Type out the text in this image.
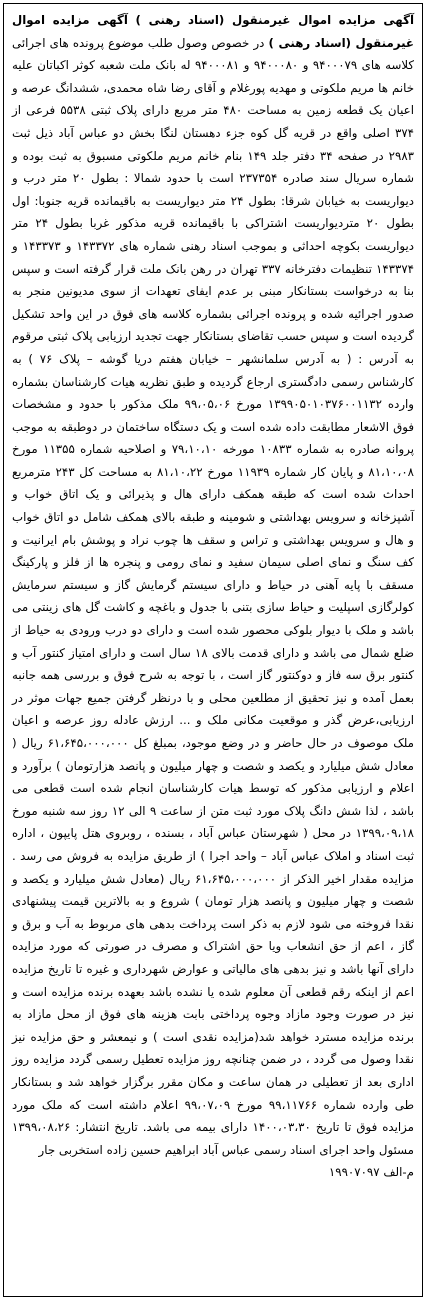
آگهی مزایده اموال غیرمنقول (اسناد رهنی ) آگهی مزایده اموال غیرمنقول (اسناد رهنی ) در خصوص وصول طلب موضوع پرونده های اجرائی کلاسه های ۹۴۰۰۰۷۹ و ۹۴۰۰۰۸۰ و ۹۴۰۰۰۸۱ له بانک ملت شعبه کوثر اکباتان علیه خانم ها مریم ملکوتی و مهدیه پورغلام و آقای رضا شاه محمدی، ششدانگ عرصه و اعیان یک قطعه زمین به مساحت ۴۸۰ متر مربع دارای پلاک ثبتی ۵۵۳۸ فرعی از ۳۷۴ اصلی واقع در قریه گل کوه جزء دهستان لنگا بخش دو عباس آباد ذیل ثبت ۲۹۸۳ در صفحه ۳۴ دفتر جلد ۱۴۹ بنام خانم مریم ملکوتی مسبوق به ثبت بوده و شماره سریال سند صادره ۲۳۷۳۵۴ است با حدود شمالا : بطول ۲۰ متر درب و دیواریست به خیابان شرقا: بطول ۲۴ متر دیواریست به باقیمانده قریه جنوبا: اول بطول ۲۰ متردیواریست اشتراکی با باقیمانده قریه مذکور غربا بطول ۲۴ متر دیواریست بکوچه احداثی و بموجب اسناد رهنی شماره های ۱۴۳۳۷۲ و ۱۴۳۳۷۳ و ۱۴۳۳۷۴ تنظیمات دفترخانه ۳۳۷ تهران در رهن بانک ملت قرار گرفته است و سپس بنا به درخواست بستانکار مبنی بر عدم ایفای تعهدات از سوی مدیونین منجر به صدور اجرائیه شده و پرونده اجرائی بشماره کلاسه های فوق در این واحد تشکیل گردیده است و سپس حسب تقاضای بستانکار جهت تجدید ارزیابی پلاک ثبتی مرقوم به آدرس : ( به آدرس سلمانشهر – خیابان هفتم دریا گوشه – پلاک ۷۶ ) به کارشناس رسمی دادگستری ارجاع گردیده و طبق نظریه هیات کارشناسان بشماره وارده ۱۳۹۹۰۵۰۱۰۳۷۶۰۰۱۱۳۲ مورخ ۹۹،۰۵،۰۶ ملک مذکور با حدود و مشخصات فوق الاشعار مطابقت داده شده است و یک دستگاه ساختمان در دوطبقه به موجب پروانه صادره به شماره ۱۰۸۳۳ مورخه ۷۹،۱۰،۱۰ و اصلاحیه شماره ۱۱۳۵۵ مورخ ۸۱،۱۰،۰۸ و پایان کار شماره ۱۱۹۳۹ مورخ ۸۱،۱۰،۲۲ به مساحت کل ۲۴۳ مترمربع احداث شده است که طبقه همکف دارای هال و پذیرائی و یک اتاق خواب و آشپزخانه و سرویس بهداشتی و شومینه و طبقه بالای همکف شامل دو اتاق خواب و هال و سرویس بهداشتی و تراس و سقف ها چوب نراد و پوشش بام ایرانیت و کف سنگ و نمای اصلی سیمان سفید و نمای رومی و پنجره ها از فلز و پارکینگ مسقف با پایه آهنی در حیاط و دارای سیستم گرمایش گاز و سیستم سرمایش کولرگازی اسپلیت و حیاط سازی بتنی با جدول و باغچه و کاشت گل های زینتی می باشد و ملک با دیوار بلوکی محصور شده است و دارای دو درب ورودی به حیاط از ضلع شمال می باشد و دارای قدمت بالای ۱۸ سال است و دارای امتیاز کنتور آب و کنتور برق سه فاز و دوکنتور گاز است ، با توجه به شرح فوق و بررسی همه جانبه بعمل آمده و نیز تحقیق از مطلعین محلی و با درنظر گرفتن جمیع جهات موثر در ارزیابی،عرض گذر و موقعیت مکانی ملک و ... ارزش عادله روز عرصه و اعیان ملک موصوف در حال حاضر و در وضع موجود، بمبلغ کل ۶۱،۶۴۵،۰۰۰،۰۰۰ ریال ( معادل شش میلیارد و یکصد و شصت و چهار میلیون و پانصد هزارتومان ) برآورد و اعلام و ارزیابی مذکور که توسط هیات کارشناسان انجام شده است قطعی می باشد ، لذا شش دانگ پلاک مورد ثبت متن از ساعت ۹ الی ۱۲ روز سه شنبه مورخ ۱۳۹۹،۰۹،۱۸ در محل ( شهرستان عباس آباد ، بسنده ، روبروی هتل پایپون ، اداره ثبت اسناد و املاک عباس آباد – واحد اجرا ) از طریق مزایده به فروش می رسد . مزایده مقدار اخیر الذکر از ۶۱،۶۴۵،۰۰۰،۰۰۰ ریال (معادل شش میلیارد و یکصد و شصت و چهار میلیون و پانصد هزار تومان ) شروع و به بالاترین قیمت پیشنهادی نقدا فروخته می شود لازم به ذکر است پرداخت بدهی های مربوط به آب و برق و گاز ، اعم از حق انشعاب ویا حق اشتراک و مصرف در صورتی که مورد مزایده دارای آنها باشد و نیز بدهی های مالیاتی و عوارض شهرداری و غیره تا تاریخ مزایده اعم از اینکه رقم قطعی آن معلوم شده یا نشده باشد بعهده برنده مزایده است و نیز در صورت وجود مازاد وجوه پرداختی بابت هزینه های فوق از محل مازاد به برنده مزایده مسترد خواهد شد(مزایده نقدی است ) و نیمعشر و حق مزایده نیز نقدا وصول می گردد ، در ضمن چنانچه روز مزایده تعطیل رسمی گردد مزایده روز اداری بعد از تعطیلی در همان ساعت و مکان مقرر برگزار خواهد شد و بستانکار طی وارده شماره ۹۹،۱۱۷۶۶ مورخ ۹۹،۰۷،۰۹ اعلام داشته است که ملک مورد مزایده فوق تا تاریخ ۱۴۰۰،۰۳،۳۰ دارای بیمه می باشد. تاریخ انتشار: ۱۳۹۹،۰۸،۲۶ مسئول واحد اجرای اسناد رسمی عباس آباد ابراهیم حسین زاده استخربی جار

م-الف ۱۹۹۰۷۰۹۷
